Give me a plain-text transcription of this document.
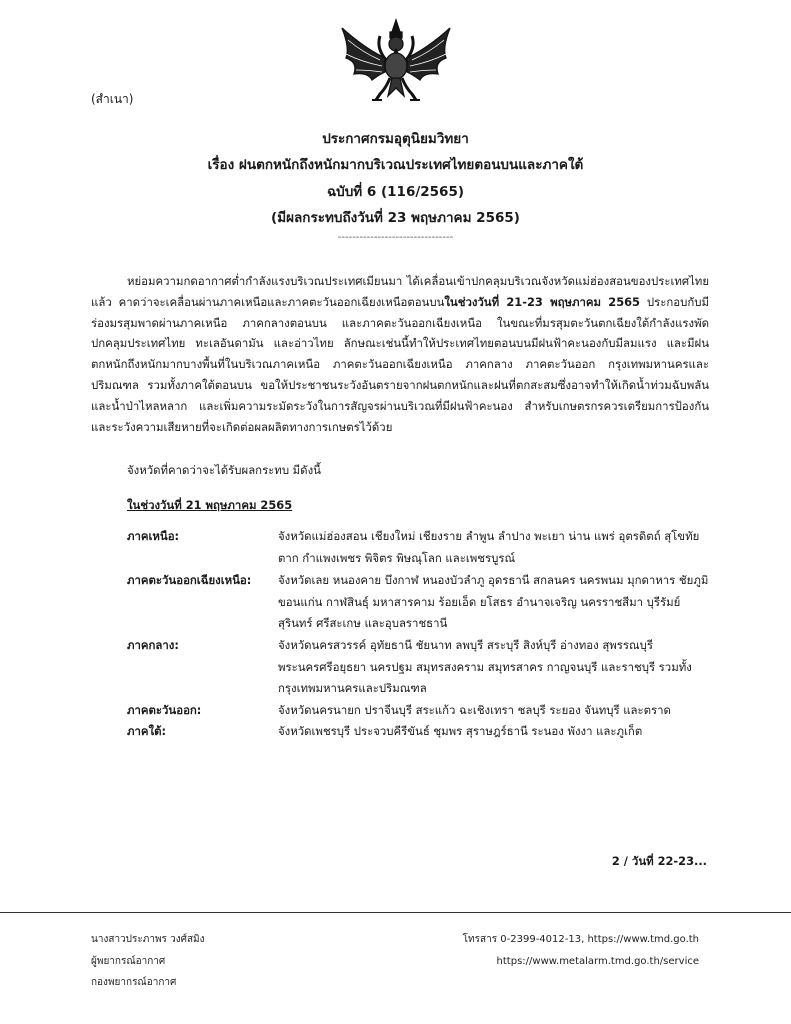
(สำเนา)
ประกาศกรมอุตุนิยมวิทยา
เรื่อง ฝนตกหนักถึงหนักมากบริเวณประเทศไทยตอนบนและภาคใต้
ฉบับที่ 6 (116/2565)
(มีผลกระทบถึงวันที่ 23 พฤษภาคม 2565)
--------------------------------
หย่อมความกดอากาศต่ำกำลังแรงบริเวณประเทศเมียนมา ได้เคลื่อนเข้าปกคลุมบริเวณจังหวัดแม่ฮ่องสอนของประเทศไทยแล้ว คาดว่าจะเคลื่อนผ่านภาคเหนือและภาคตะวันออกเฉียงเหนือตอนบนในช่วงวันที่ 21-23 พฤษภาคม 2565 ประกอบกับมีร่องมรสุมพาดผ่านภาคเหนือ ภาคกลางตอนบน และภาคตะวันออกเฉียงเหนือ ในขณะที่มรสุมตะวันตกเฉียงใต้กำลังแรงพัดปกคลุมประเทศไทย ทะเลอันดามัน และอ่าวไทย ลักษณะเช่นนี้ทำให้ประเทศไทยตอนบนมีฝนฟ้าคะนองกับมีลมแรง และมีฝนตกหนักถึงหนักมากบางพื้นที่ในบริเวณภาคเหนือ ภาคตะวันออกเฉียงเหนือ ภาคกลาง ภาคตะวันออก กรุงเทพมหานครและปริมณฑล รวมทั้งภาคใต้ตอนบน ขอให้ประชาชนระวังอันตรายจากฝนตกหนักและฝนที่ตกสะสมซึ่งอาจทำให้เกิดน้ำท่วมฉับพลันและน้ำป่าไหลหลาก และเพิ่มความระมัดระวังในการสัญจรผ่านบริเวณที่มีฝนฟ้าคะนอง สำหรับเกษตรกรควรเตรียมการป้องกันและระวังความเสียหายที่จะเกิดต่อผลผลิตทางการเกษตรไว้ด้วย
จังหวัดที่คาดว่าจะได้รับผลกระทบ มีดังนี้
ในช่วงวันที่ 21 พฤษภาคม 2565
ภาคเหนือ:	จังหวัดแม่ฮ่องสอน เชียงใหม่ เชียงราย ลำพูน ลำปาง พะเยา น่าน แพร่ อุตรดิตถ์ สุโขทัย ตาก กำแพงเพชร พิจิตร พิษณุโลก และเพชรบูรณ์
ภาคตะวันออกเฉียงเหนือ: จังหวัดเลย หนองคาย บึงกาฬ หนองบัวลำภู อุดรธานี สกลนคร นครพนม มุกดาหาร ชัยภูมิ ขอนแก่น กาฬสินธุ์ มหาสารคาม ร้อยเอ็ด ยโสธร อำนาจเจริญ นครราชสีมา บุรีรัมย์ สุรินทร์ ศรีสะเกษ และอุบลราชธานี
ภาคกลาง:	จังหวัดนครสวรรค์ อุทัยธานี ชัยนาท ลพบุรี สระบุรี สิงห์บุรี อ่างทอง สุพรรณบุรี พระนครศรีอยุธยา นครปฐม สมุทรสงคราม สมุทรสาคร กาญจนบุรี และราชบุรี รวมทั้งกรุงเทพมหานครและปริมณฑล
ภาคตะวันออก:	จังหวัดนครนายก ปราจีนบุรี สระแก้ว ฉะเชิงเทรา ชลบุรี ระยอง จันทบุรี และตราด
ภาคใต้:	จังหวัดเพชรบุรี ประจวบคีรีขันธ์ ชุมพร สุราษฎร์ธานี ระนอง พังงา และภูเก็ต
2 / วันที่ 22-23...
นางสาวประภาพร วงศ์สมิง
ผู้พยากรณ์อากาศ
กองพยากรณ์อากาศ
โทรสาร 0-2399-4012-13, https://www.tmd.go.th
https://www.metalarm.tmd.go.th/service
